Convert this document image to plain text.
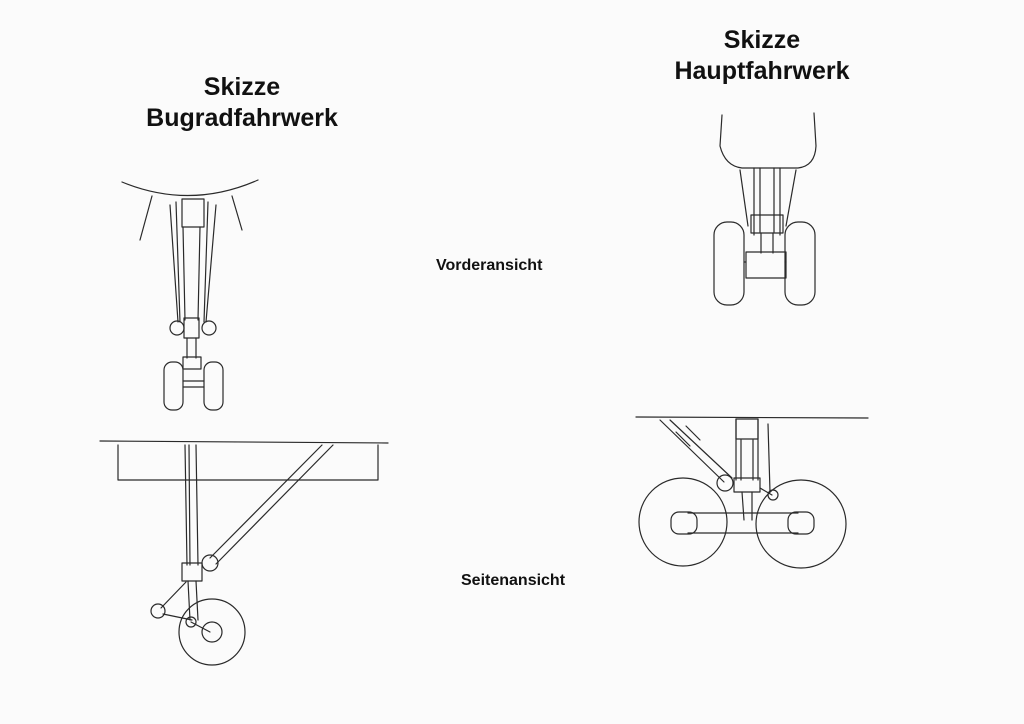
Skizze
Bugradfahrwerk
Skizze
Hauptfahrwerk
Vorderansicht
Seitenansicht
